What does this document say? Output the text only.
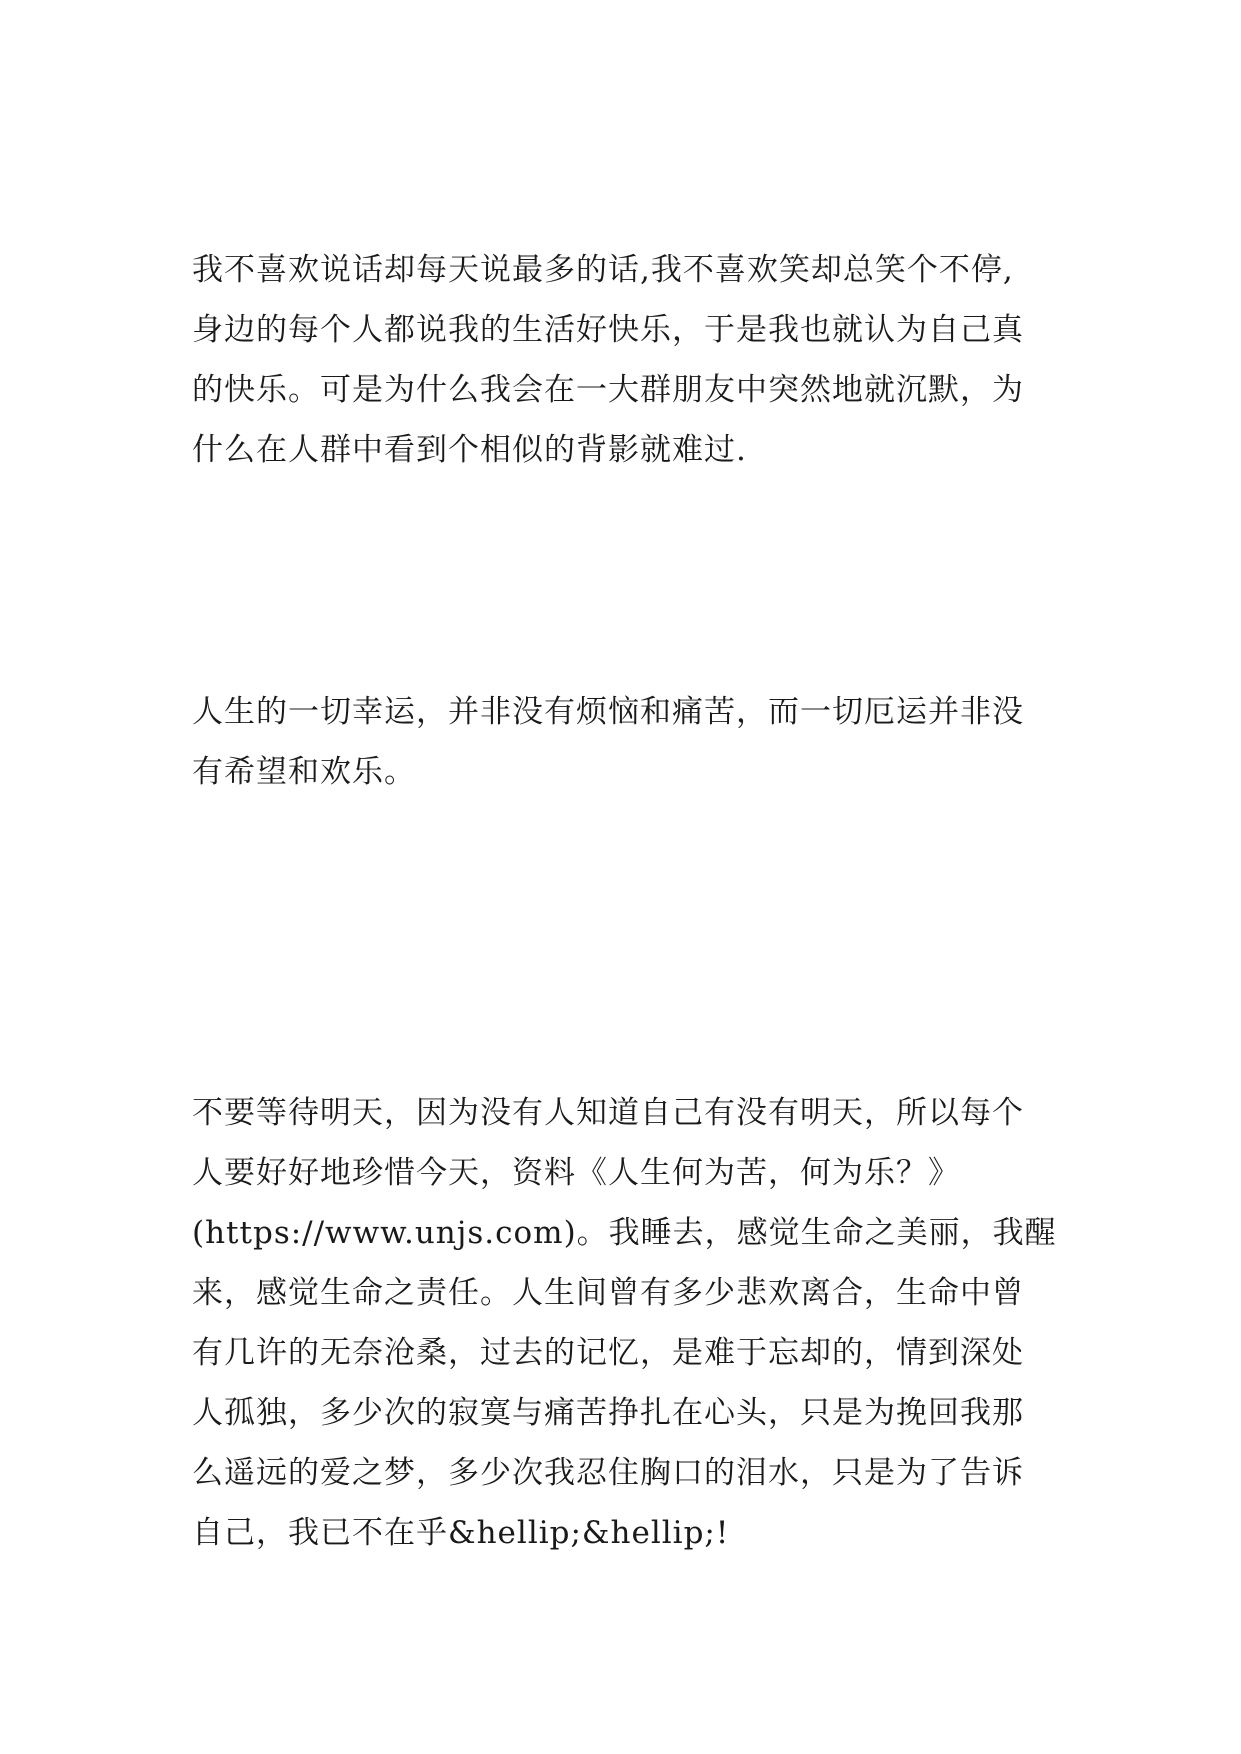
我不喜欢说话却每天说最多的话,我不喜欢笑却总笑个不停,
身边的每个人都说我的生活好快乐，于是我也就认为自己真
的快乐。可是为什么我会在一大群朋友中突然地就沉默，为
什么在人群中看到个相似的背影就难过.

人生的一切幸运，并非没有烦恼和痛苦，而一切厄运并非没
有希望和欢乐。

不要等待明天，因为没有人知道自己有没有明天，所以每个
人要好好地珍惜今天，资料《人生何为苦，何为乐？》
(https://www.unjs.com)。我睡去，感觉生命之美丽，我醒
来，感觉生命之责任。人生间曾有多少悲欢离合，生命中曾
有几许的无奈沧桑，过去的记忆，是难于忘却的，情到深处
人孤独，多少次的寂寞与痛苦挣扎在心头，只是为挽回我那
么遥远的爱之梦，多少次我忍住胸口的泪水，只是为了告诉
自己，我已不在乎&hellip;&hellip;!
